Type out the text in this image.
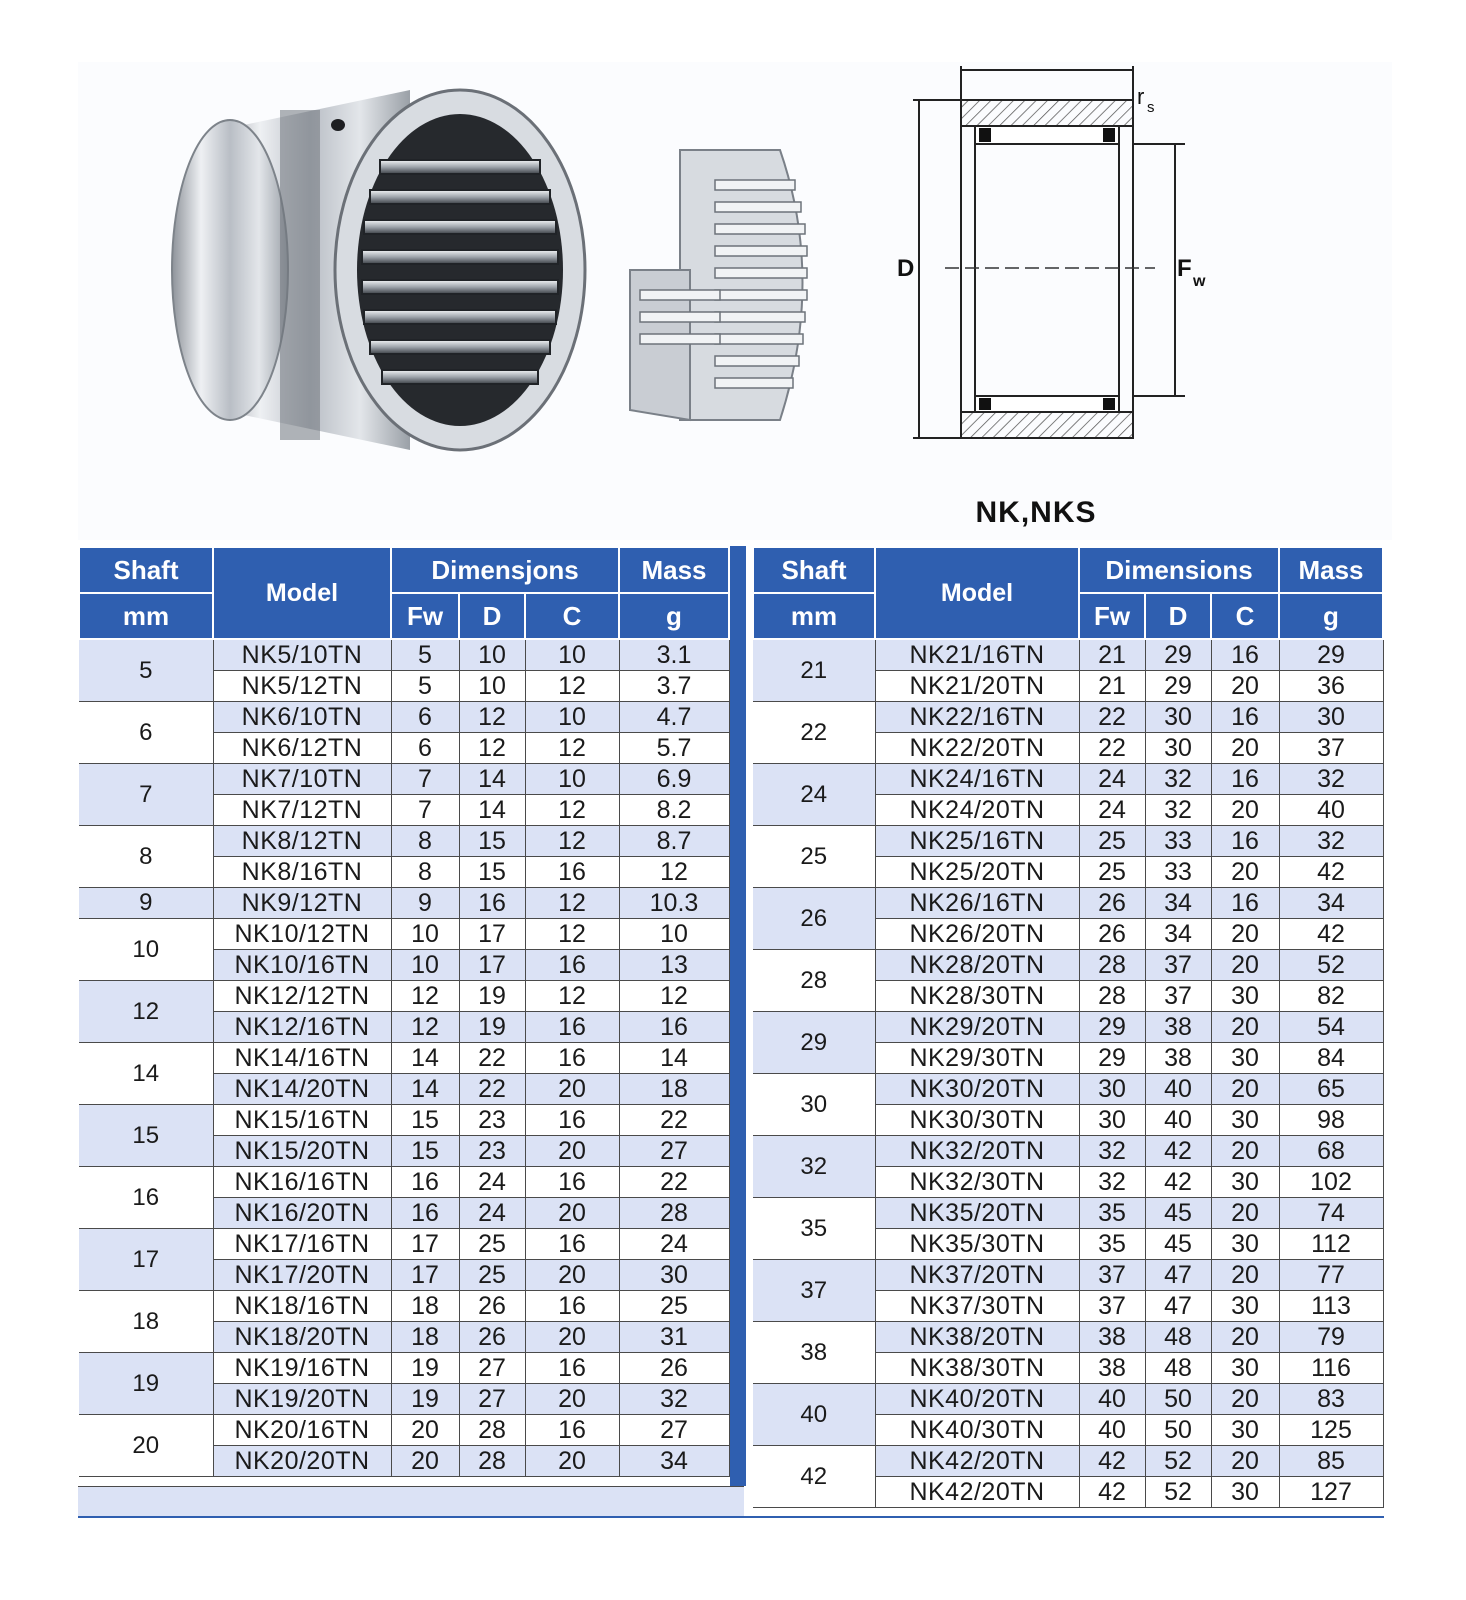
D	F w
r s
NK,NKS
Shaft	Model	Dimensjons			Mass
mm		Fw	D	C	g
5	NK5/10TN	5	10	10	3.1
	NK5/12TN	5	10	12	3.7
6	NK6/10TN	6	12	10	4.7
	NK6/12TN	6	12	12	5.7
7	NK7/10TN	7	14	10	6.9
	NK7/12TN	7	14	12	8.2
8	NK8/12TN	8	15	12	8.7
	NK8/16TN	8	15	16	12
9	NK9/12TN	9	16	12	10.3
10	NK10/12TN	10	17	12	10
	NK10/16TN	10	17	16	13
12	NK12/12TN	12	19	12	12
	NK12/16TN	12	19	16	16
14	NK14/16TN	14	22	16	14
	NK14/20TN	14	22	20	18
15	NK15/16TN	15	23	16	22
	NK15/20TN	15	23	20	27
16	NK16/16TN	16	24	16	22
	NK16/20TN	16	24	20	28
17	NK17/16TN	17	25	16	24
	NK17/20TN	17	25	20	30
18	NK18/16TN	18	26	16	25
	NK18/20TN	18	26	20	31
19	NK19/16TN	19	27	16	26
	NK19/20TN	19	27	20	32
20	NK20/16TN	20	28	16	27
	NK20/20TN	20	28	20	34
Shaft	Model	Dimensions			Mass
mm		Fw	D	C	g
21	NK21/16TN	21	29	16	29
	NK21/20TN	21	29	20	36
22	NK22/16TN	22	30	16	30
	NK22/20TN	22	30	20	37
24	NK24/16TN	24	32	16	32
	NK24/20TN	24	32	20	40
25	NK25/16TN	25	33	16	32
	NK25/20TN	25	33	20	42
26	NK26/16TN	26	34	16	34
	NK26/20TN	26	34	20	42
28	NK28/20TN	28	37	20	52
	NK28/30TN	28	37	30	82
29	NK29/20TN	29	38	20	54
	NK29/30TN	29	38	30	84
30	NK30/20TN	30	40	20	65
	NK30/30TN	30	40	30	98
32	NK32/20TN	32	42	20	68
	NK32/30TN	32	42	30	102
35	NK35/20TN	35	45	20	74
	NK35/30TN	35	45	30	112
37	NK37/20TN	37	47	20	77
	NK37/30TN	37	47	30	113
38	NK38/20TN	38	48	20	79
	NK38/30TN	38	48	30	116
40	NK40/20TN	40	50	20	83
	NK40/30TN	40	50	30	125
42	NK42/20TN	42	52	20	85
	NK42/20TN	42	52	30	127
